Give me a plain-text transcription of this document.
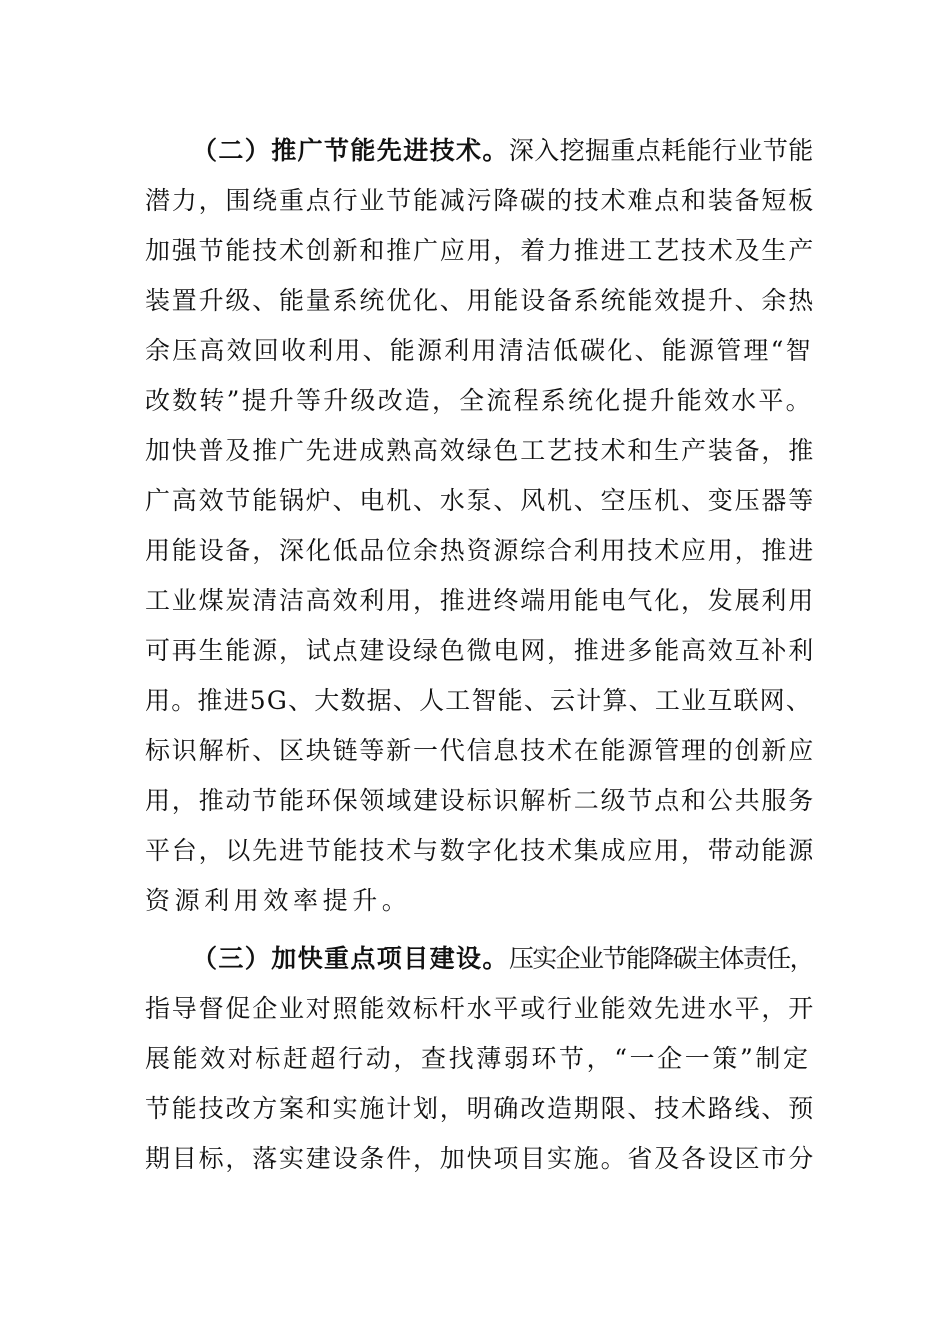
（二）推广节能先进技术。深入挖掘重点耗能行业节能
潜力，围绕重点行业节能减污降碳的技术难点和装备短板
加强节能技术创新和推广应用，着力推进工艺技术及生产
装置升级、能量系统优化、用能设备系统能效提升、余热
余压高效回收利用、能源利用清洁低碳化、能源管理“智
改数转”提升等升级改造，全流程系统化提升能效水平。
加快普及推广先进成熟高效绿色工艺技术和生产装备，推
广高效节能锅炉、电机、水泵、风机、空压机、变压器等
用能设备，深化低品位余热资源综合利用技术应用，推进
工业煤炭清洁高效利用，推进终端用能电气化，发展利用
可再生能源，试点建设绿色微电网，推进多能高效互补利
用。推进5G、大数据、人工智能、云计算、工业互联网、
标识解析、区块链等新一代信息技术在能源管理的创新应
用，推动节能环保领域建设标识解析二级节点和公共服务
平台，以先进节能技术与数字化技术集成应用，带动能源
资源利用效率提升。
（三）加快重点项目建设。压实企业节能降碳主体责任，
指导督促企业对照能效标杆水平或行业能效先进水平，开
展能效对标赶超行动，查找薄弱环节，“一企一策”制定
节能技改方案和实施计划，明确改造期限、技术路线、预
期目标，落实建设条件，加快项目实施。省及各设区市分
